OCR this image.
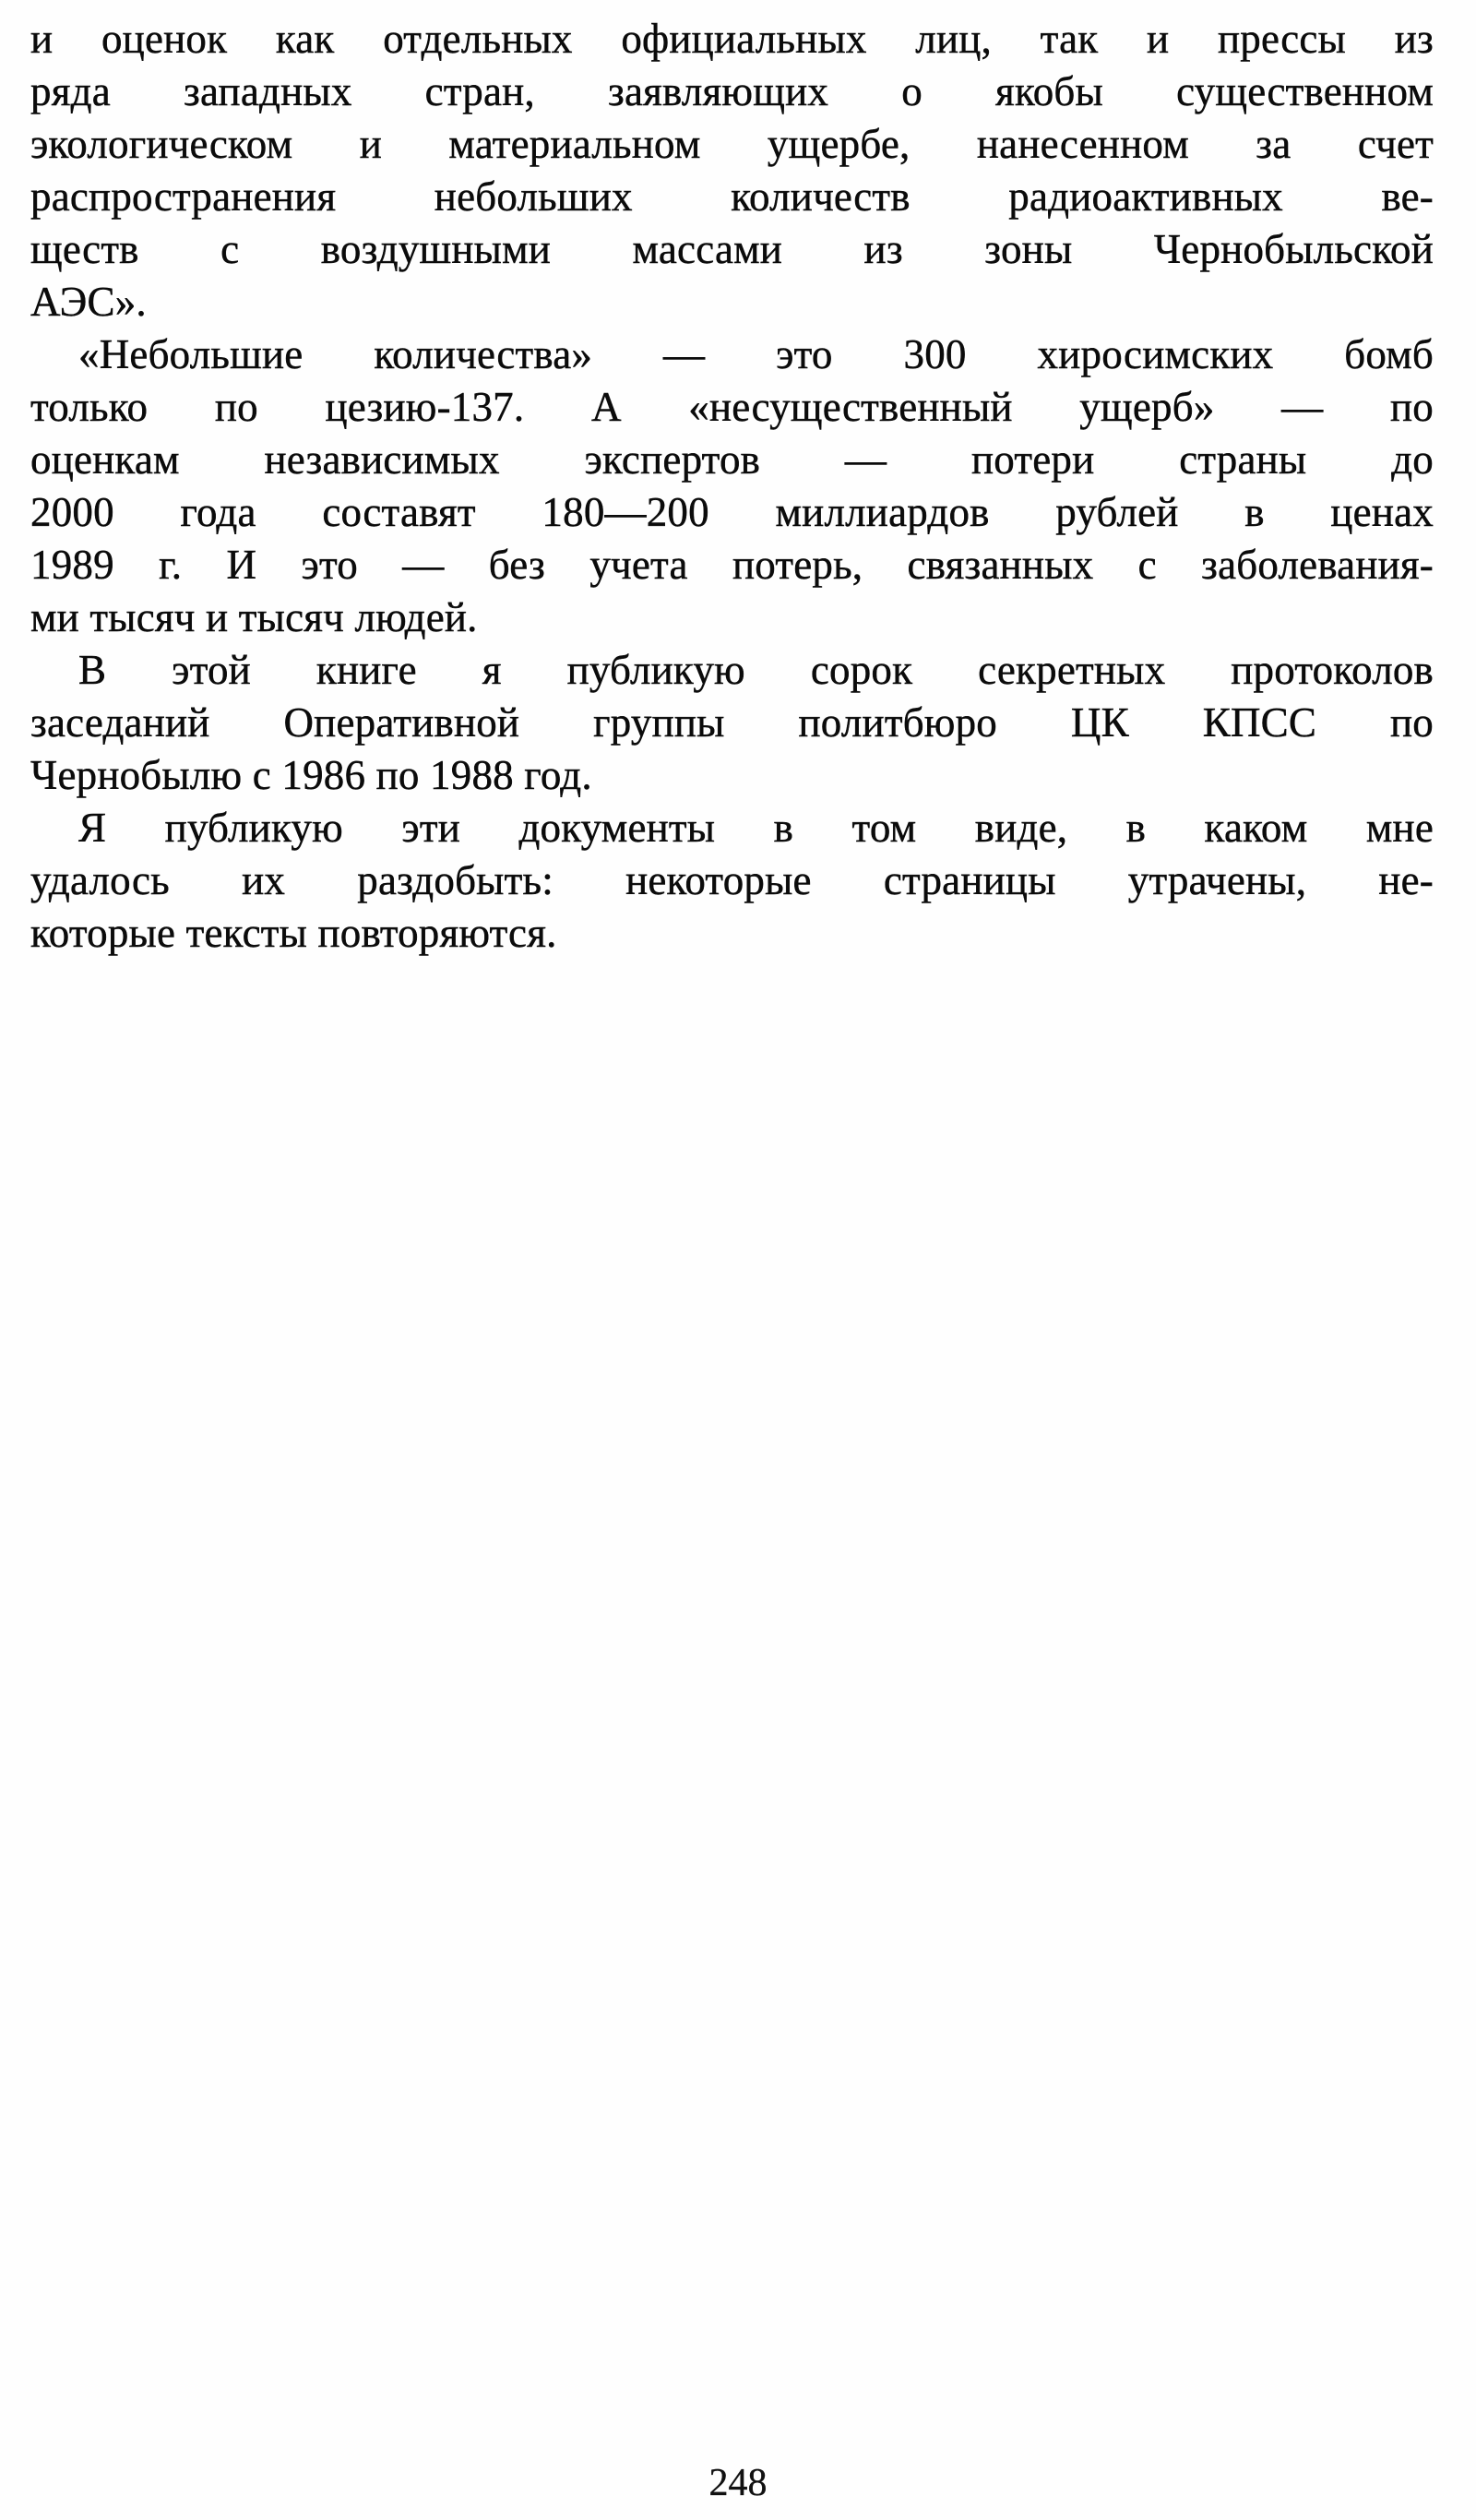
и оценок как отдельных официальных лиц, так и прессы из
ряда западных стран, заявляющих о якобы существенном
экологическом и материальном ущербе, нанесенном за счет
распространения небольших количеств радиоактивных ве-
ществ с воздушными массами из зоны Чернобыльской
АЭС».
«Небольшие количества» — это 300 хиросимских бомб
только по цезию-137. А «несущественный ущерб» — по
оценкам независимых экспертов — потери страны до
2000 года составят 180—200 миллиардов рублей в ценах
1989 г. И это — без учета потерь, связанных с заболевания-
ми тысяч и тысяч людей.
В этой книге я публикую сорок секретных протоколов
заседаний Оперативной группы политбюро ЦК КПСС по
Чернобылю с 1986 по 1988 год.
Я публикую эти документы в том виде, в каком мне
удалось их раздобыть: некоторые страницы утрачены, не-
которые тексты повторяются.
248
